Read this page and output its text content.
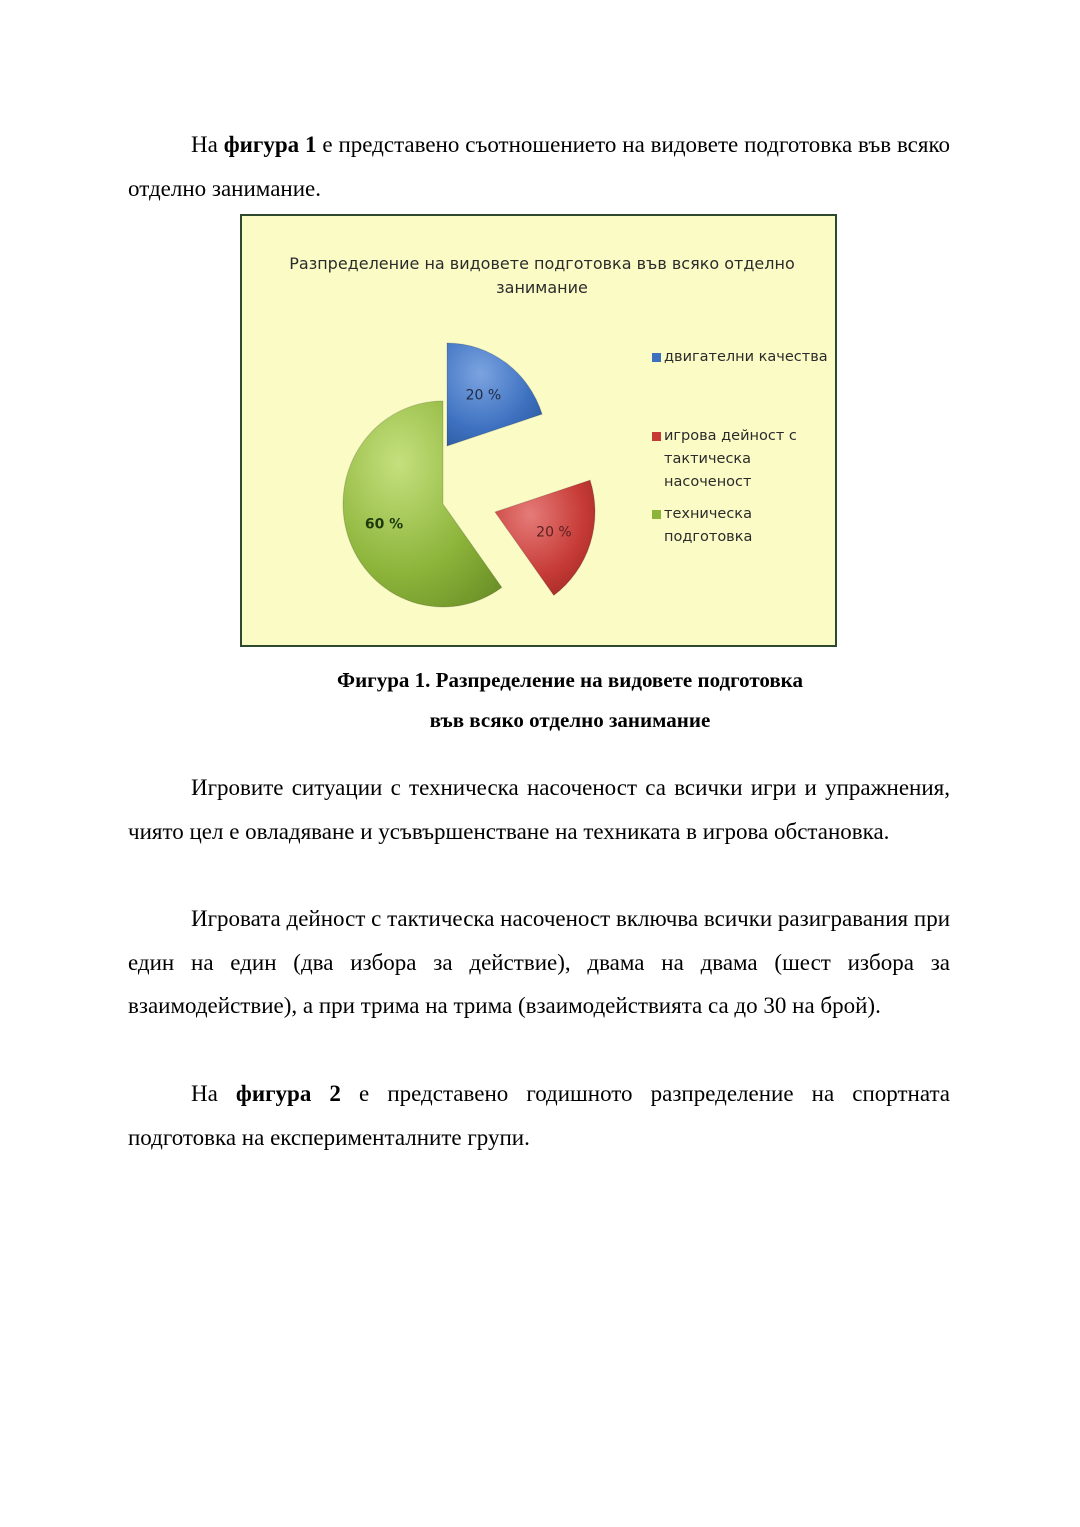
На фигура 1 е представено съотношението на видовете подготовка във всяко отделно занимание.

20 %
20 %
60 %
Разпределение на видовете подготовка във всяко отделно занимание
двигателни качества
игрова дейност с тактическа насоченост
техническа подготовка
Фигура 1. Разпределение на видовете подготовка
във всяко отделно занимание

Игровите ситуации с техническа насоченост са всички игри и упражнения, чиято цел е овладяване и усъвършенстване на техниката в игрова обстановка.

Игровата дейност с тактическа насоченост включва всички разигравания при един на един (два избора за действие), двама на двама (шест избора за взаимодействие), а при трима на трима (взаимодействията са до 30 на брой).

На фигура 2 е представено годишното разпределение на спортната подготовка на експерименталните групи.
